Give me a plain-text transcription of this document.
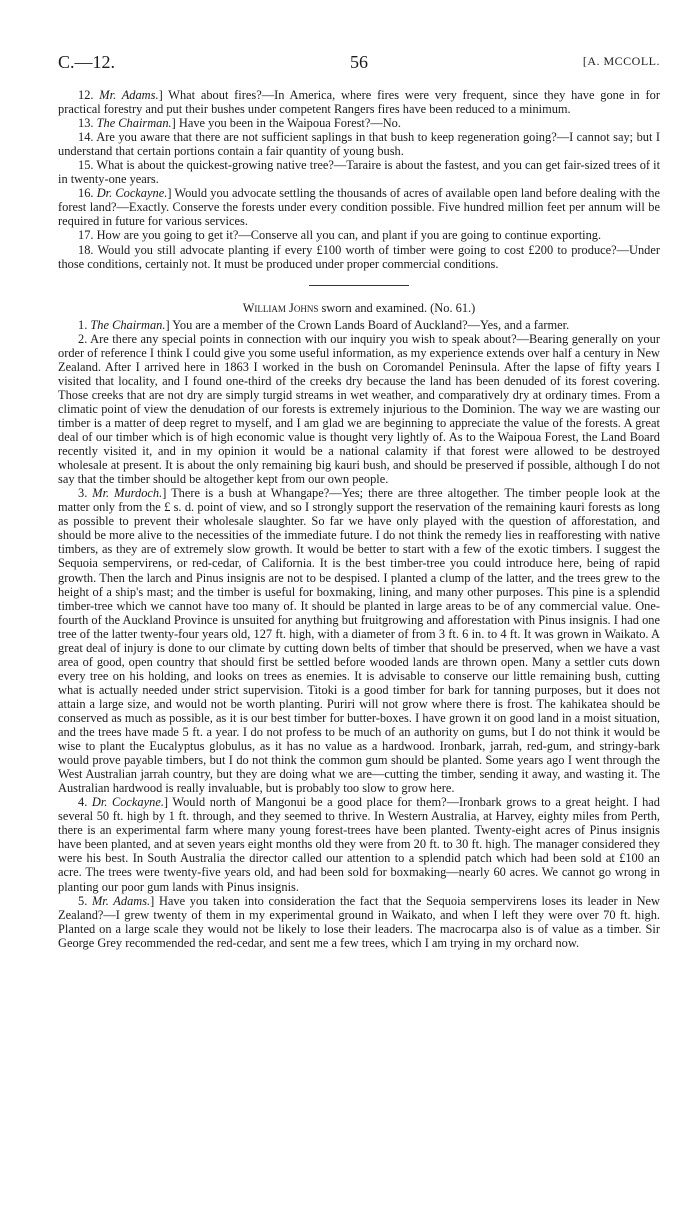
C.—12.	56	[A. MCCOLL.

12. Mr. Adams.] What about fires?—In America, where fires were very frequent, since they have gone in for practical forestry and put their bushes under competent Rangers fires have been reduced to a minimum.

13. The Chairman.] Have you been in the Waipoua Forest?—No.

14. Are you aware that there are not sufficient saplings in that bush to keep regeneration going?—I cannot say; but I understand that certain portions contain a fair quantity of young bush.

15. What is about the quickest-growing native tree?—Taraire is about the fastest, and you can get fair-sized trees of it in twenty-one years.

16. Dr. Cockayne.] Would you advocate settling the thousands of acres of available open land before dealing with the forest land?—Exactly. Conserve the forests under every condition possible. Five hundred million feet per annum will be required in future for various services.

17. How are you going to get it?—Conserve all you can, and plant if you are going to continue exporting.

18. Would you still advocate planting if every £100 worth of timber were going to cost £200 to produce?—Under those conditions, certainly not. It must be produced under proper commercial conditions.

William Johns sworn and examined. (No. 61.)

1. The Chairman.] You are a member of the Crown Lands Board of Auckland?—Yes, and a farmer.

2. Are there any special points in connection with our inquiry you wish to speak about?—Bearing generally on your order of reference I think I could give you some useful information, as my experience extends over half a century in New Zealand. After I arrived here in 1863 I worked in the bush on Coromandel Peninsula. After the lapse of fifty years I visited that locality, and I found one-third of the creeks dry because the land has been denuded of its forest covering. Those creeks that are not dry are simply turgid streams in wet weather, and comparatively dry at ordinary times. From a climatic point of view the denudation of our forests is extremely injurious to the Dominion. The way we are wasting our timber is a matter of deep regret to myself, and I am glad we are beginning to appreciate the value of the forests. A great deal of our timber which is of high economic value is thought very lightly of. As to the Waipoua Forest, the Land Board recently visited it, and in my opinion it would be a national calamity if that forest were allowed to be destroyed wholesale at present. It is about the only remaining big kauri bush, and should be preserved if possible, although I do not say that the timber should be altogether kept from our own people.

3. Mr. Murdoch.] There is a bush at Whangape?—Yes; there are three altogether. The timber people look at the matter only from the £ s. d. point of view, and so I strongly support the reservation of the remaining kauri forests as long as possible to prevent their wholesale slaughter. So far we have only played with the question of afforestation, and should be more alive to the necessities of the immediate future. I do not think the remedy lies in reafforesting with native timbers, as they are of extremely slow growth. It would be better to start with a few of the exotic timbers. I suggest the Sequoia sempervirens, or red-cedar, of California. It is the best timber-tree you could introduce here, being of rapid growth. Then the larch and Pinus insignis are not to be despised. I planted a clump of the latter, and the trees grew to the height of a ship's mast; and the timber is useful for boxmaking, lining, and many other purposes. This pine is a splendid timber-tree which we cannot have too many of. It should be planted in large areas to be of any commercial value. One-fourth of the Auckland Province is unsuited for anything but fruitgrowing and afforestation with Pinus insignis. I had one tree of the latter twenty-four years old, 127 ft. high, with a diameter of from 3 ft. 6 in. to 4 ft. It was grown in Waikato. A great deal of injury is done to our climate by cutting down belts of timber that should be preserved, when we have a vast area of good, open country that should first be settled before wooded lands are thrown open. Many a settler cuts down every tree on his holding, and looks on trees as enemies. It is advisable to conserve our little remaining bush, cutting what is actually needed under strict supervision. Titoki is a good timber for bark for tanning purposes, but it does not attain a large size, and would not be worth planting. Puriri will not grow where there is frost. The kahikatea should be conserved as much as possible, as it is our best timber for butter-boxes. I have grown it on good land in a moist situation, and the trees have made 5 ft. a year. I do not profess to be much of an authority on gums, but I do not think it would be wise to plant the Eucalyptus globulus, as it has no value as a hardwood. Ironbark, jarrah, red-gum, and stringy-bark would prove payable timbers, but I do not think the common gum should be planted. Some years ago I went through the West Australian jarrah country, but they are doing what we are—cutting the timber, sending it away, and wasting it. The Australian hardwood is really invaluable, but is probably too slow to grow here.

4. Dr. Cockayne.] Would north of Mangonui be a good place for them?—Ironbark grows to a great height. I had several 50 ft. high by 1 ft. through, and they seemed to thrive. In Western Australia, at Harvey, eighty miles from Perth, there is an experimental farm where many young forest-trees have been planted. Twenty-eight acres of Pinus insignis have been planted, and at seven years eight months old they were from 20 ft. to 30 ft. high. The manager considered they were his best. In South Australia the director called our attention to a splendid patch which had been sold at £100 an acre. The trees were twenty-five years old, and had been sold for boxmaking—nearly 60 acres. We cannot go wrong in planting our poor gum lands with Pinus insignis.

5. Mr. Adams.] Have you taken into consideration the fact that the Sequoia sempervirens loses its leader in New Zealand?—I grew twenty of them in my experimental ground in Waikato, and when I left they were over 70 ft. high. Planted on a large scale they would not be likely to lose their leaders. The macrocarpa also is of value as a timber. Sir George Grey recommended the red-cedar, and sent me a few trees, which I am trying in my orchard now.
